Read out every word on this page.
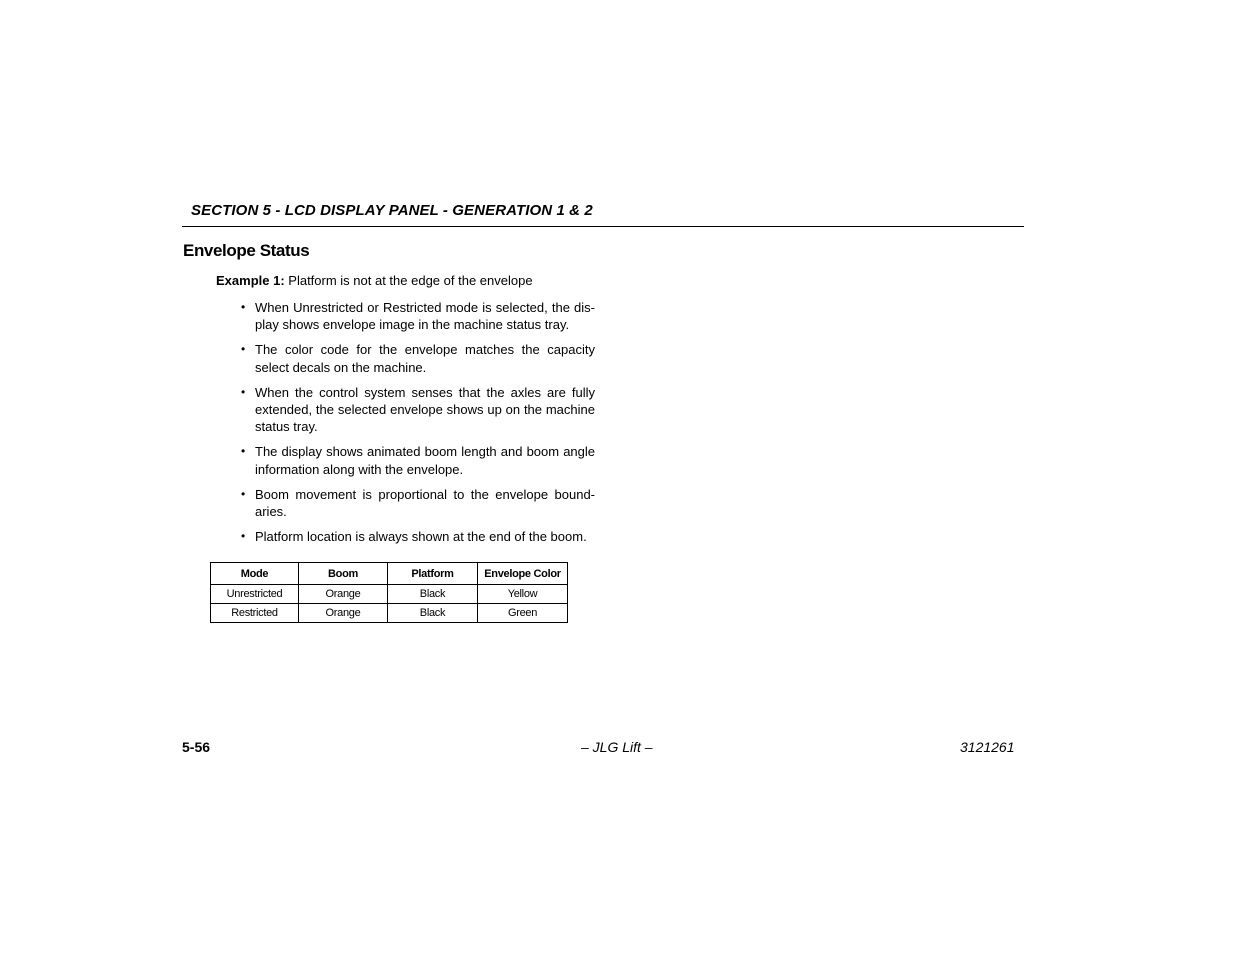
SECTION 5 - LCD DISPLAY PANEL - GENERATION 1 & 2
Envelope Status
Example 1: Platform is not at the edge of the envelope
• When Unrestricted or Restricted mode is selected, the dis-play shows envelope image in the machine status tray.
• The color code for the envelope matches the capacity select decals on the machine.
• When the control system senses that the axles are fully extended, the selected envelope shows up on the machine status tray.
• The display shows animated boom length and boom angle information along with the envelope.
• Boom movement is proportional to the envelope bound-aries.
• Platform location is always shown at the end of the boom.
Mode	Boom	Platform	Envelope Color
Unrestricted	Orange	Black	Yellow
Restricted	Orange	Black	Green
5-56	– JLG Lift –	3121261
